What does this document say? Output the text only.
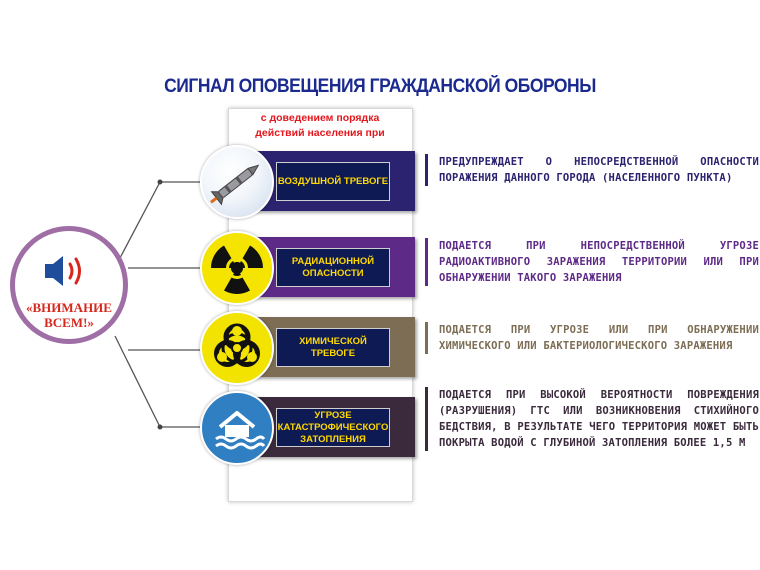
СИГНАЛ ОПОВЕЩЕНИЯ ГРАЖДАНСКОЙ ОБОРОНЫ
с доведением порядка
действий населения при
ВОЗДУШНОЙ ТРЕВОГЕ
РАДИАЦИОННОЙ ОПАСНОСТИ
ХИМИЧЕСКОЙ ТРЕВОГЕ
УГРОЗЕ КАТАСТРОФИЧЕСКОГО ЗАТОПЛЕНИЯ
ПРЕДУПРЕЖДАЕТ О НЕПОСРЕДСТВЕННОЙ ОПАСНОСТИ ПОРАЖЕНИЯ ДАННОГО ГОРОДА (НАСЕЛЕННОГО ПУНКТА)
ПОДАЕТСЯ ПРИ НЕПОСРЕДСТВЕННОЙ УГРОЗЕ РАДИОАКТИВНОГО ЗАРАЖЕНИЯ ТЕРРИТОРИИ ИЛИ ПРИ ОБНАРУЖЕНИИ ТАКОГО ЗАРАЖЕНИЯ
ПОДАЕТСЯ ПРИ УГРОЗЕ ИЛИ ПРИ ОБНАРУЖЕНИИ ХИМИЧЕСКОГО ИЛИ БАКТЕРИОЛОГИЧЕСКОГО ЗАРАЖЕНИЯ
ПОДАЕТСЯ ПРИ ВЫСОКОЙ ВЕРОЯТНОСТИ ПОВРЕЖДЕНИЯ (РАЗРУШЕНИЯ) ГТС ИЛИ ВОЗНИКНОВЕНИЯ СТИХИЙНОГО БЕДСТВИЯ, В РЕЗУЛЬТАТЕ ЧЕГО ТЕРРИТОРИЯ МОЖЕТ БЫТЬ ПОКРЫТА ВОДОЙ С ГЛУБИНОЙ ЗАТОПЛЕНИЯ БОЛЕЕ 1,5 М
«ВНИМАНИЕ
ВСЕМ!»
